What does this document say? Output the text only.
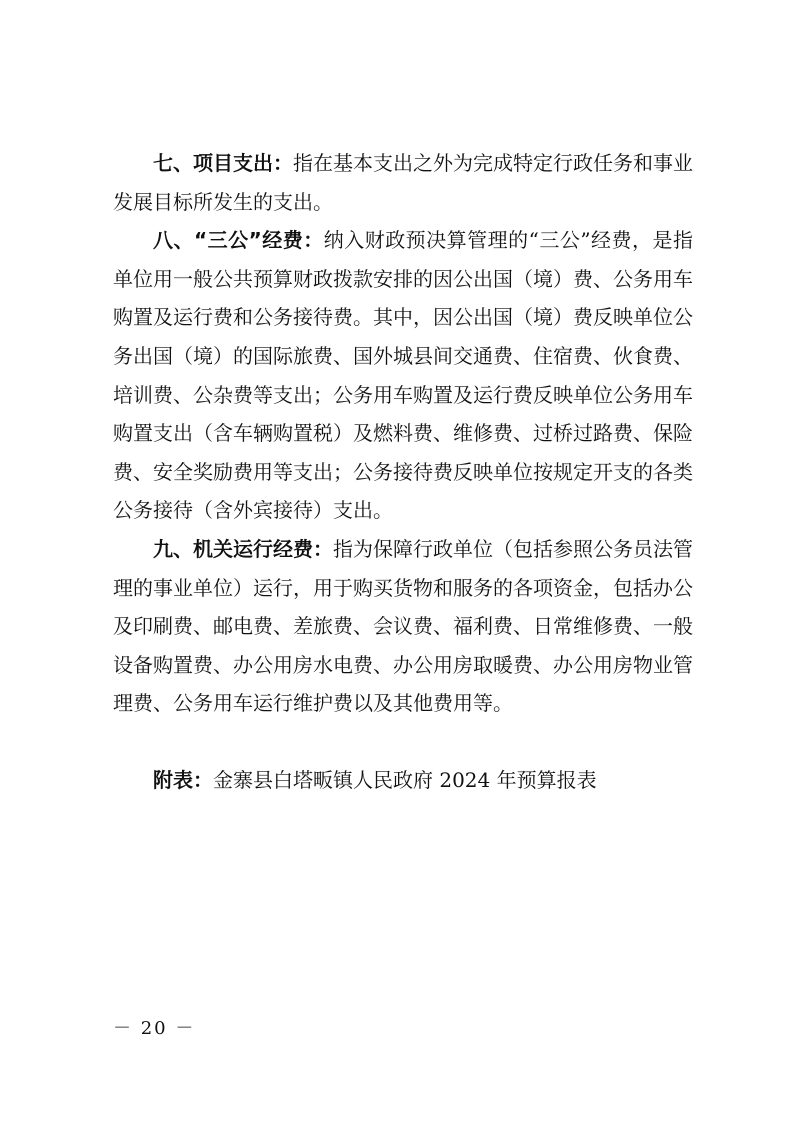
七、项目支出：指在基本支出之外为完成特定行政任务和事业发展目标所发生的支出。

八、“三公”经费：纳入财政预决算管理的“三公”经费，是指单位用一般公共预算财政拨款安排的因公出国（境）费、公务用车购置及运行费和公务接待费。其中，因公出国（境）费反映单位公务出国（境）的国际旅费、国外城县间交通费、住宿费、伙食费、培训费、公杂费等支出；公务用车购置及运行费反映单位公务用车购置支出（含车辆购置税）及燃料费、维修费、过桥过路费、保险费、安全奖励费用等支出；公务接待费反映单位按规定开支的各类公务接待（含外宾接待）支出。

九、机关运行经费：指为保障行政单位（包括参照公务员法管理的事业单位）运行，用于购买货物和服务的各项资金，包括办公及印刷费、邮电费、差旅费、会议费、福利费、日常维修费、一般设备购置费、办公用房水电费、办公用房取暖费、办公用房物业管理费、公务用车运行维护费以及其他费用等。

附表：金寨县白塔畈镇人民政府 2024 年预算报表

－ 20 －
